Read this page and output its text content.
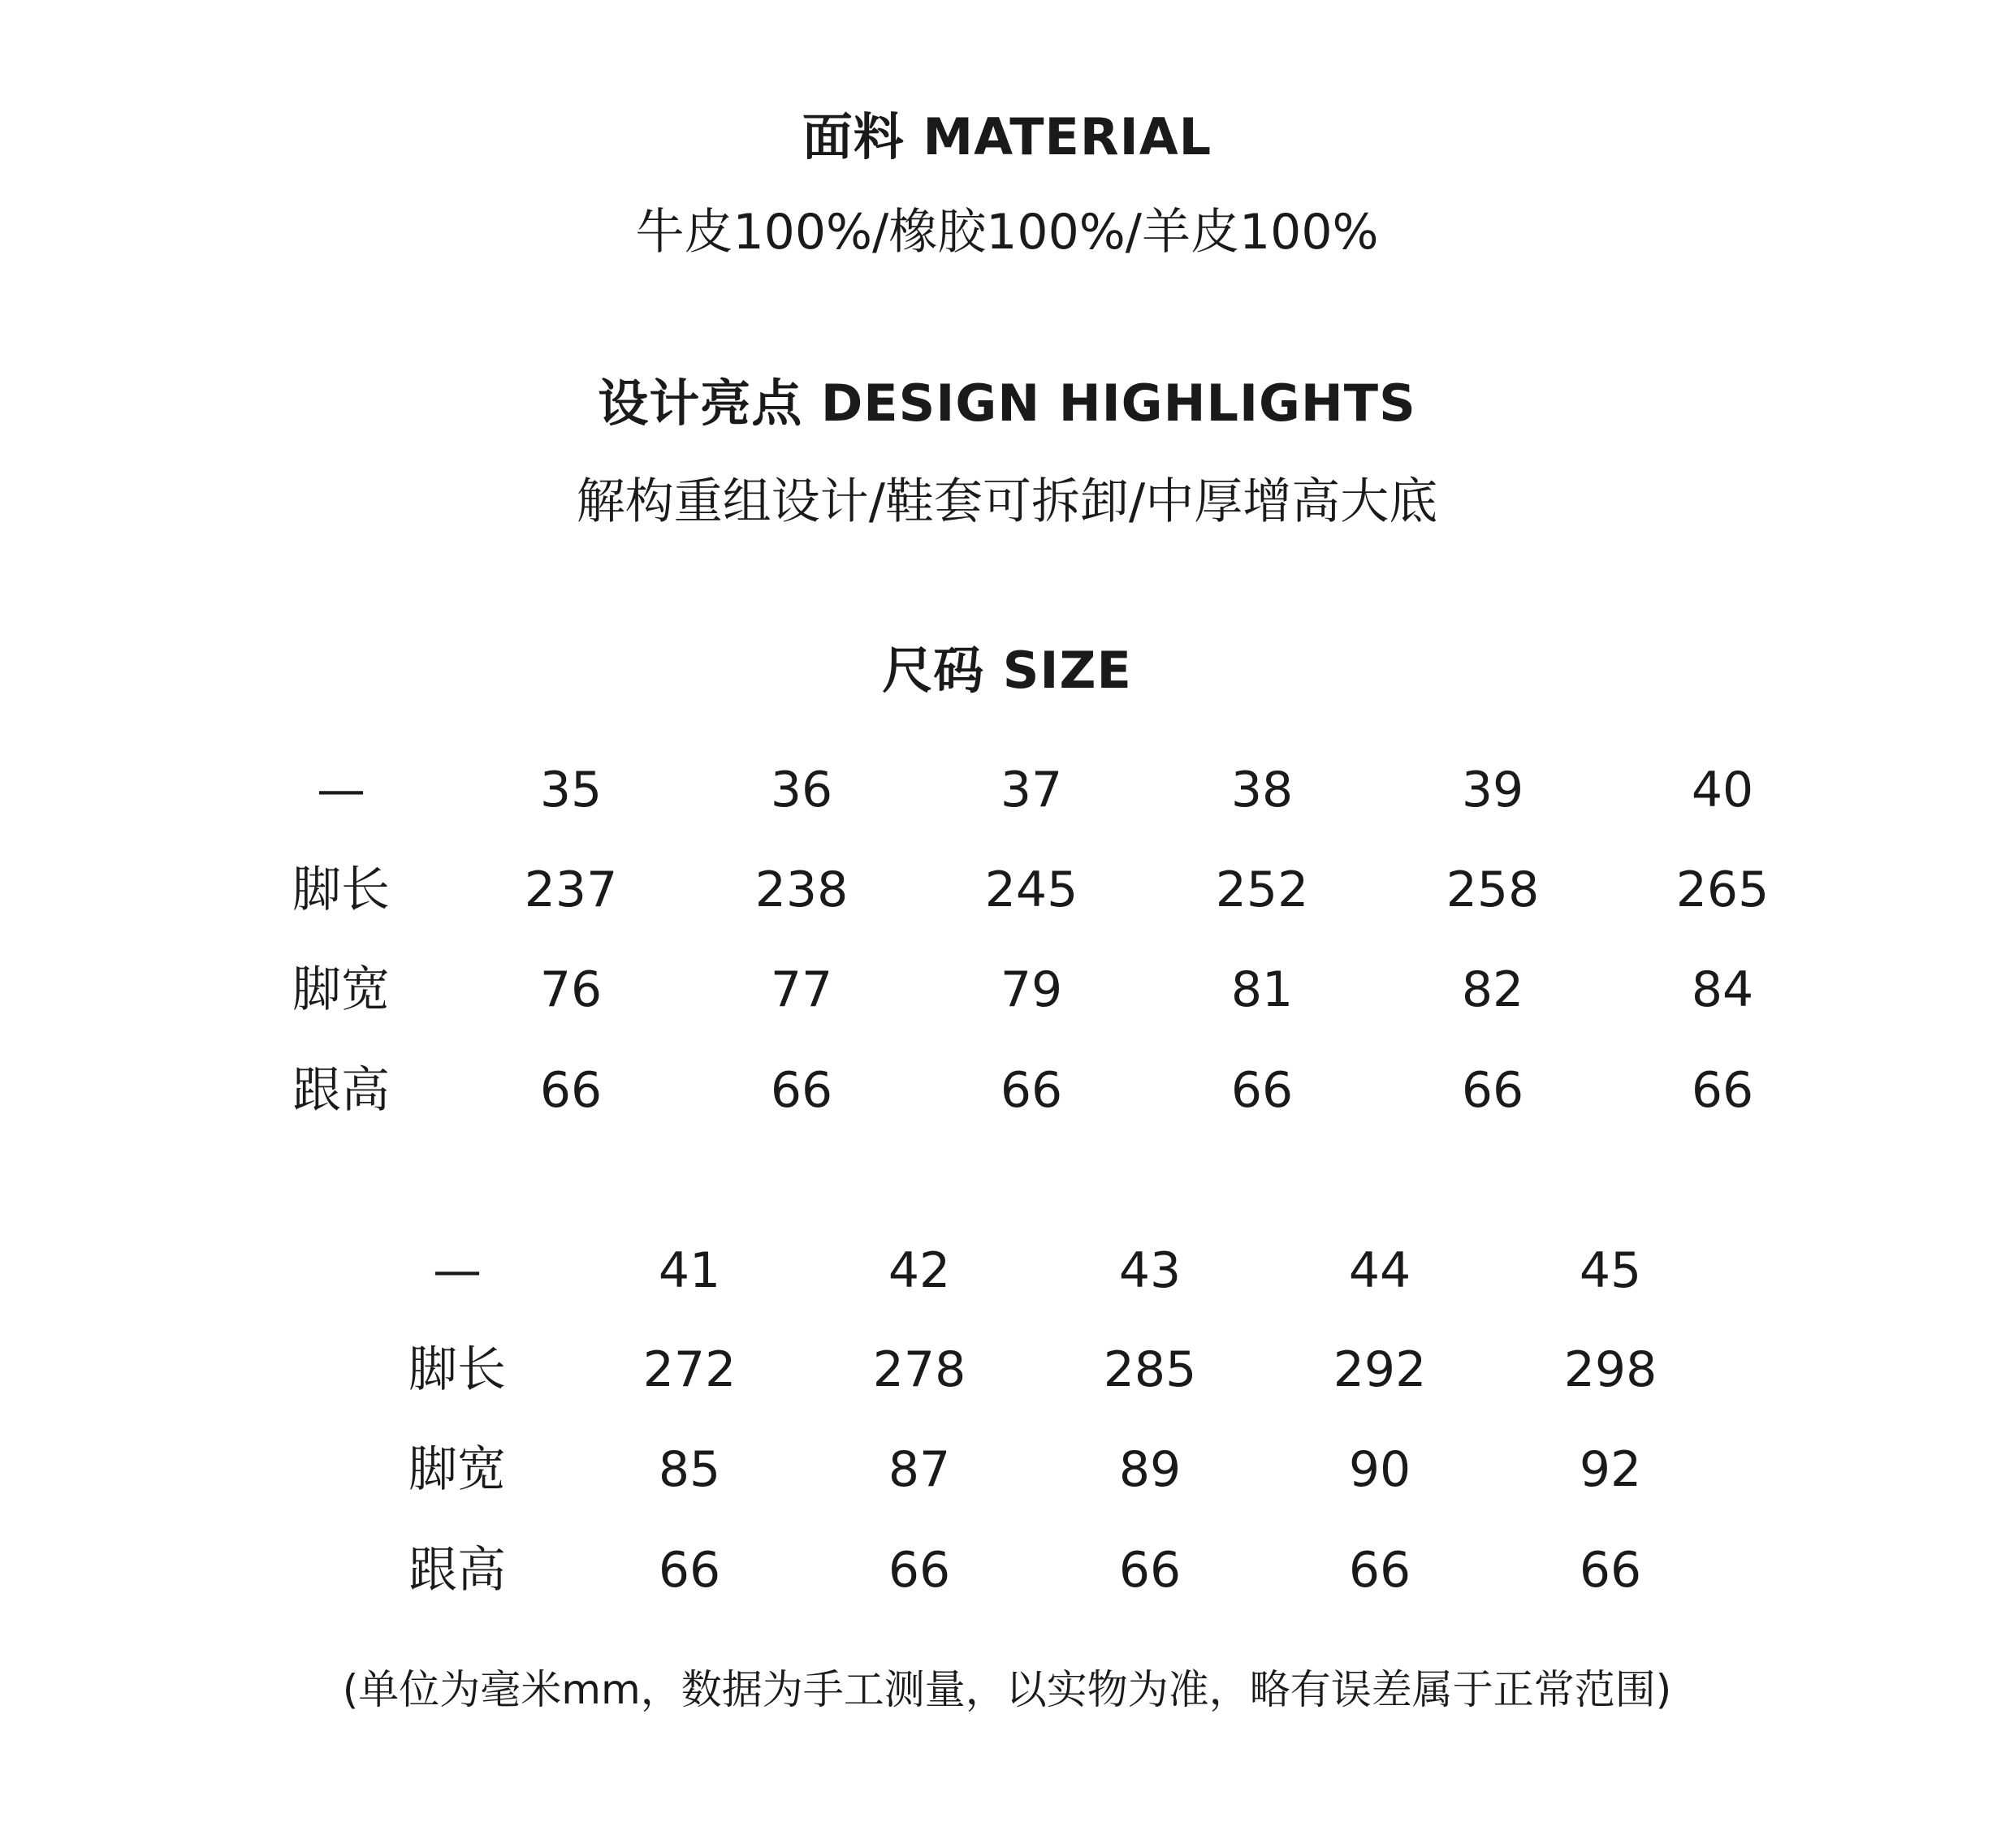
面料 MATERIAL
牛皮100%/橡胶100%/羊皮100%
设计亮点 DESIGN HIGHLIGHTS
解构重组设计/鞋套可拆卸/中厚增高大底
尺码 SIZE
—	35	36	37	38	39	40
脚长	237	238	245	252	258	265
脚宽	76	77	79	81	82	84
跟高	66	66	66	66	66	66
—	41	42	43	44	45
脚长	272	278	285	292	298
脚宽	85	87	89	90	92
跟高	66	66	66	66	66
(单位为毫米mm，数据为手工测量，以实物为准，略有误差属于正常范围)
